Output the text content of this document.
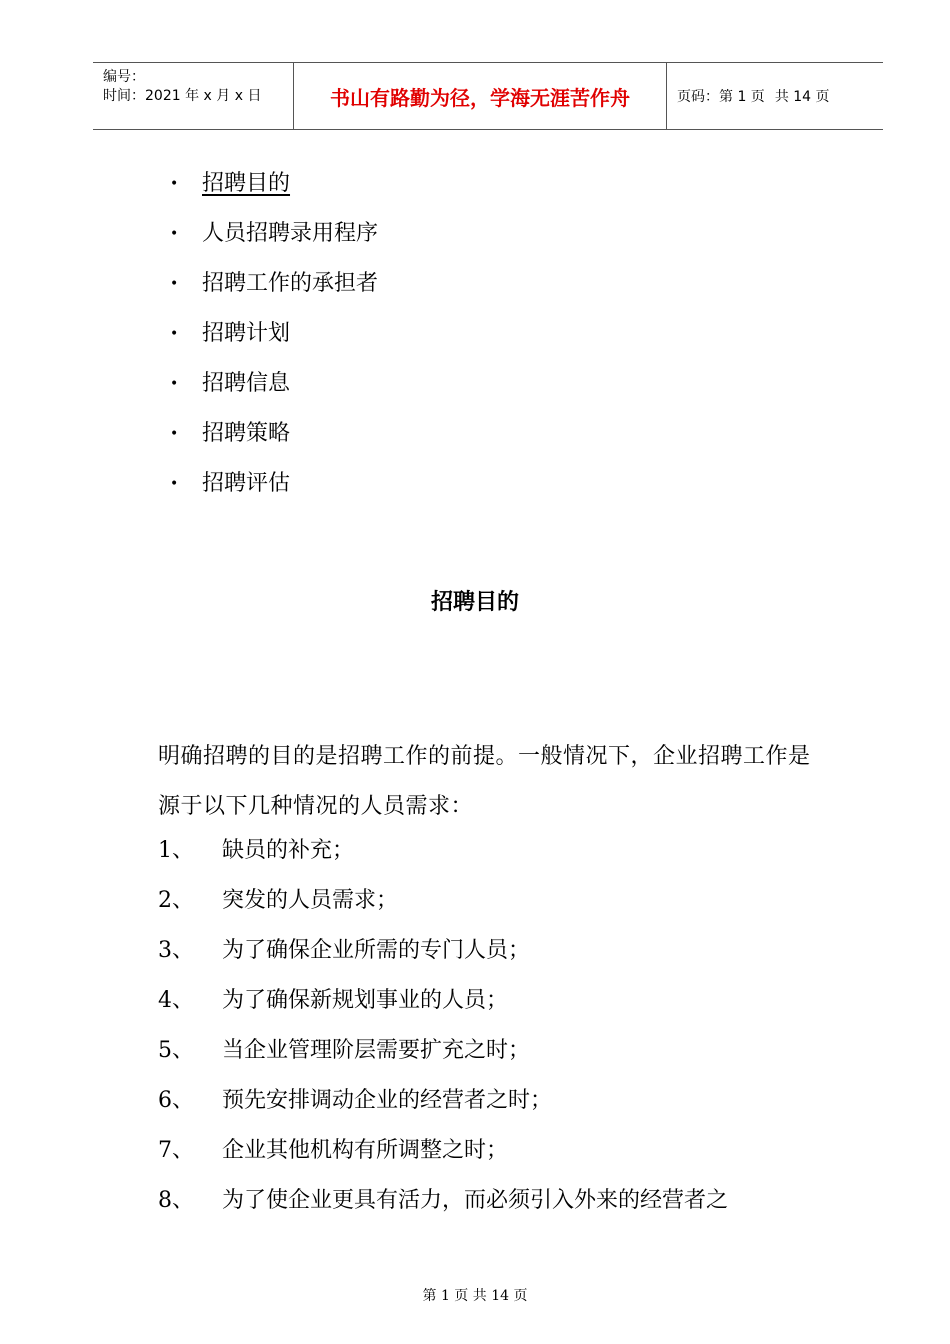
编号：
时间：2021 年 x 月 x 日	书山有路勤为径，学海无涯苦作舟	页码：第 1 页 共 14 页
• 招聘目的
• 人员招聘录用程序
• 招聘工作的承担者
• 招聘计划
• 招聘信息
• 招聘策略
• 招聘评估
招聘目的

明确招聘的目的是招聘工作的前提。一般情况下，企业招聘工作是源于以下几种情况的人员需求：

1、 缺员的补充；
2、 突发的人员需求；
3、 为了确保企业所需的专门人员；
4、 为了确保新规划事业的人员；
5、 当企业管理阶层需要扩充之时；
6、 预先安排调动企业的经营者之时；
7、 企业其他机构有所调整之时；
8、 为了使企业更具有活力，而必须引入外来的经营者之
第 1 页 共 14 页
